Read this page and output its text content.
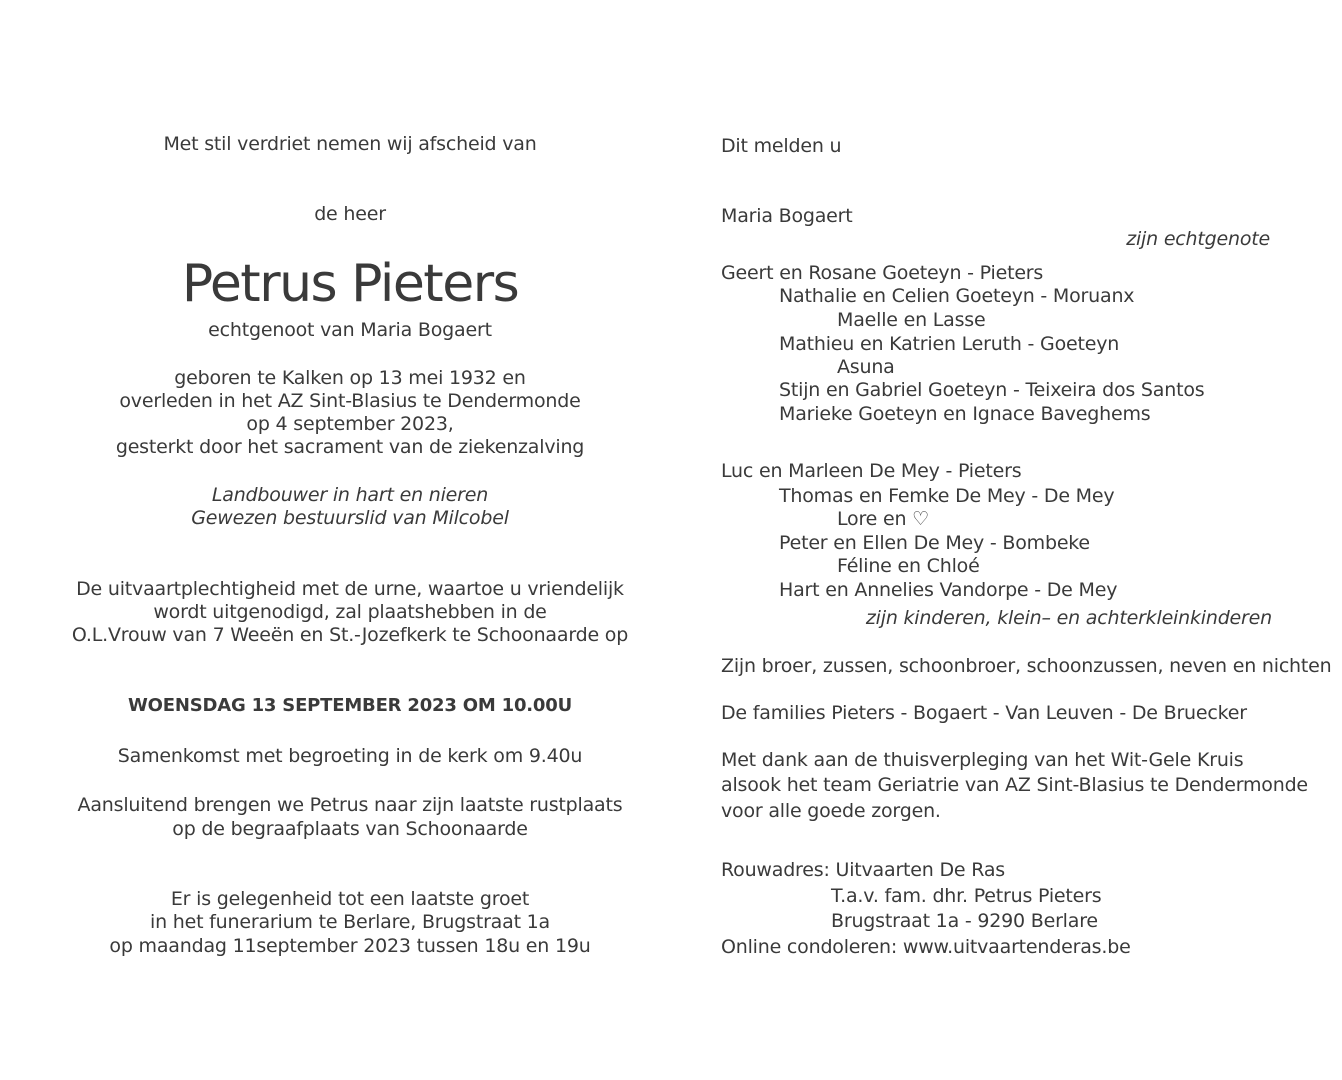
Met stil verdriet nemen wij afscheid van
de heer
Petrus Pieters
echtgenoot van Maria Bogaert
geboren te Kalken op 13 mei 1932 en
overleden in het AZ Sint-Blasius te Dendermonde
op 4 september 2023,
gesterkt door het sacrament van de ziekenzalving
Landbouwer in hart en nieren
Gewezen bestuurslid van Milcobel
De uitvaartplechtigheid met de urne, waartoe u vriendelijk
wordt uitgenodigd, zal plaatshebben in de
O.L.Vrouw van 7 Weeën en St.-Jozefkerk te Schoonaarde op
WOENSDAG 13 SEPTEMBER 2023 OM 10.00U
Samenkomst met begroeting in de kerk om 9.40u
Aansluitend brengen we Petrus naar zijn laatste rustplaats
op de begraafplaats van Schoonaarde
Er is gelegenheid tot een laatste groet
in het funerarium te Berlare, Brugstraat 1a
op maandag 11september 2023 tussen 18u en 19u
Dit melden u
Maria Bogaert
zijn echtgenote
Geert en Rosane Goeteyn - Pieters
Nathalie en Celien Goeteyn - Moruanx
Maelle en Lasse
Mathieu en Katrien Leruth - Goeteyn
Asuna
Stijn en Gabriel Goeteyn - Teixeira dos Santos
Marieke Goeteyn en Ignace Baveghems
Luc en Marleen De Mey - Pieters
Thomas en Femke De Mey - De Mey
Lore en ♡
Peter en Ellen De Mey - Bombeke
Féline en Chloé
Hart en Annelies Vandorpe - De Mey
zijn kinderen, klein– en achterkleinkinderen
Zijn broer, zussen, schoonbroer, schoonzussen, neven en nichten
De families Pieters - Bogaert - Van Leuven - De Bruecker
Met dank aan de thuisverpleging van het Wit-Gele Kruis
alsook het team Geriatrie van AZ Sint-Blasius te Dendermonde
voor alle goede zorgen.
Rouwadres: Uitvaarten De Ras
T.a.v. fam. dhr. Petrus Pieters
Brugstraat 1a - 9290 Berlare
Online condoleren: www.uitvaartenderas.be
